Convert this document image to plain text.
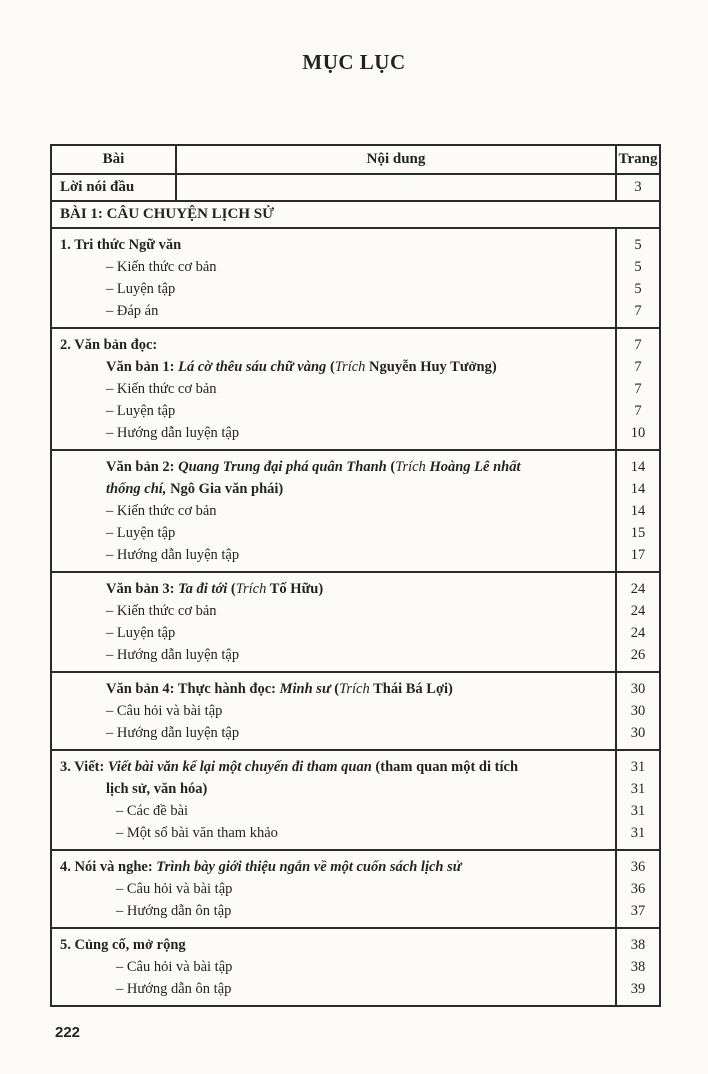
MỤC LỤC
Bài	Nội dung	Trang
Lời nói đầu	3
BÀI 1: CÂU CHUYỆN LỊCH SỬ
1. Tri thức Ngữ văn	5
– Kiến thức cơ bản	5
– Luyện tập	5
– Đáp án	7
2. Văn bản đọc:	7
Văn bản 1: Lá cờ thêu sáu chữ vàng (Trích Nguyễn Huy Tưởng)	7
– Kiến thức cơ bản	7
– Luyện tập	7
– Hướng dẫn luyện tập	10
Văn bản 2: Quang Trung đại phá quân Thanh (Trích Hoàng Lê nhất	14
thống chí, Ngô Gia văn phái)	14
– Kiến thức cơ bản	14
– Luyện tập	15
– Hướng dẫn luyện tập	17
Văn bản 3: Ta đi tới (Trích Tố Hữu)	24
– Kiến thức cơ bản	24
– Luyện tập	24
– Hướng dẫn luyện tập	26
Văn bản 4: Thực hành đọc: Minh sư (Trích Thái Bá Lợi)	30
– Câu hỏi và bài tập	30
– Hướng dẫn luyện tập	30
3. Viết: Viết bài văn kể lại một chuyến đi tham quan (tham quan một di tích	31
lịch sử, văn hóa)	31
– Các đề bài	31
– Một số bài văn tham khảo	31
4. Nói và nghe: Trình bày giới thiệu ngắn về một cuốn sách lịch sử	36
– Câu hỏi và bài tập	36
– Hướng dẫn ôn tập	37
5. Củng cố, mở rộng	38
– Câu hỏi và bài tập	38
– Hướng dẫn ôn tập	39
222
